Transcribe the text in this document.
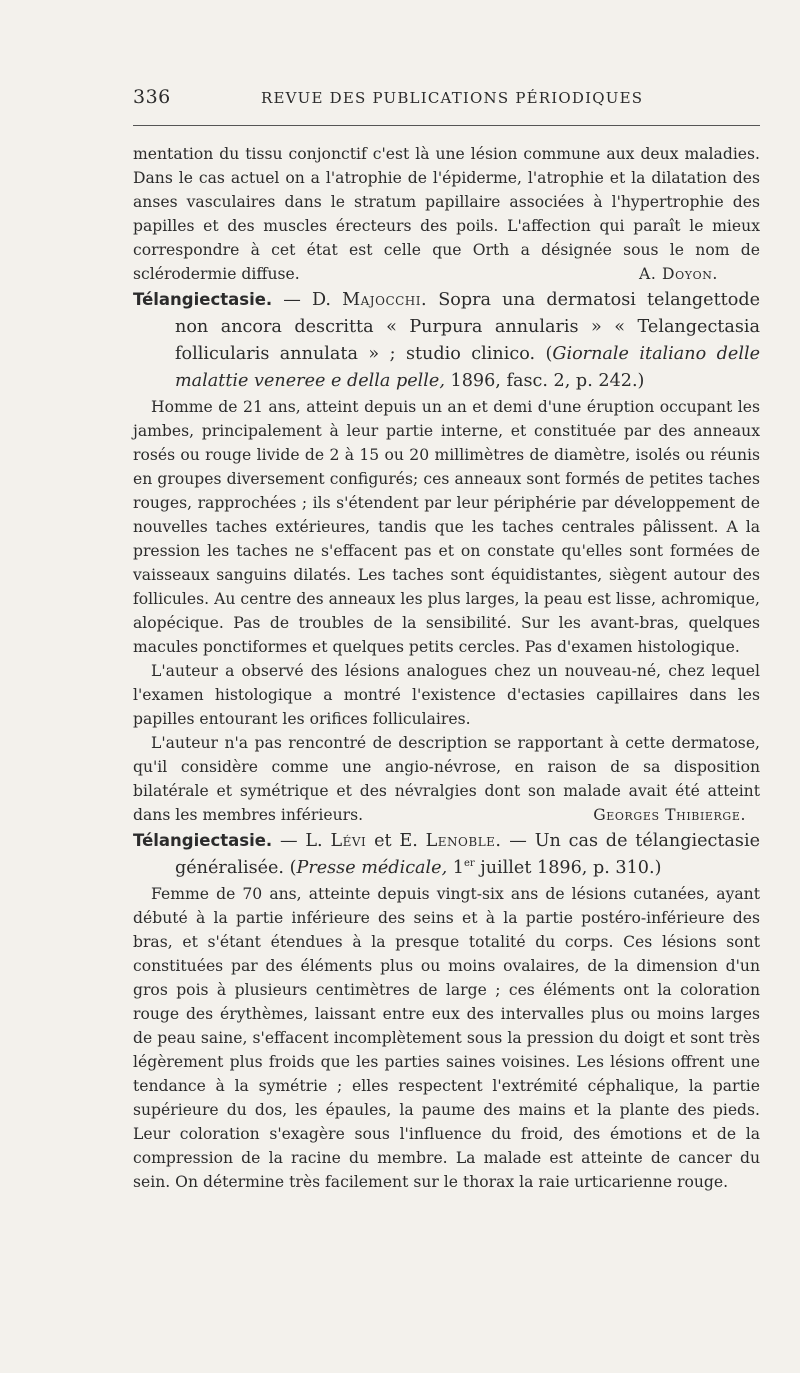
336	REVUE DES PUBLICATIONS PÉRIODIQUES

mentation du tissu conjonctif c'est là une lésion commune aux deux maladies. Dans le cas actuel on a l'atrophie de l'épiderme, l'atrophie et la dilatation des anses vasculaires dans le stratum papillaire associées à l'hypertrophie des papilles et des muscles érecteurs des poils. L'affection qui paraît le mieux correspondre à cet état est celle que Orth a désignée sous le nom de sclérodermie diffuse.	A. Doyon.

Télangiectasie. — D. Majocchi. Sopra una dermatosi telangettode non ancora descritta « Purpura annularis » « Telangectasia follicularis annulata » ; studio clinico. (Giornale italiano delle malattie veneree e della pelle, 1896, fasc. 2, p. 242.)

Homme de 21 ans, atteint depuis un an et demi d'une éruption occupant les jambes, principalement à leur partie interne, et constituée par des anneaux rosés ou rouge livide de 2 à 15 ou 20 millimètres de diamètre, isolés ou réunis en groupes diversement configurés; ces anneaux sont formés de petites taches rouges, rapprochées ; ils s'étendent par leur périphérie par développement de nouvelles taches extérieures, tandis que les taches centrales pâlissent. A la pression les taches ne s'effacent pas et on constate qu'elles sont formées de vaisseaux sanguins dilatés. Les taches sont équidistantes, siègent autour des follicules. Au centre des anneaux les plus larges, la peau est lisse, achromique, alopécique. Pas de troubles de la sensibilité. Sur les avant-bras, quelques macules ponctiformes et quelques petits cercles. Pas d'examen histologique.

L'auteur a observé des lésions analogues chez un nouveau-né, chez lequel l'examen histologique a montré l'existence d'ectasies capillaires dans les papilles entourant les orifices folliculaires.

L'auteur n'a pas rencontré de description se rapportant à cette dermatose, qu'il considère comme une angio-névrose, en raison de sa disposition bilatérale et symétrique et des névralgies dont son malade avait été atteint dans les membres inférieurs.	Georges Thibierge.

Télangiectasie. — L. Lévi et E. Lenoble. — Un cas de télangiectasie généralisée. (Presse médicale, 1er juillet 1896, p. 310.)

Femme de 70 ans, atteinte depuis vingt-six ans de lésions cutanées, ayant débuté à la partie inférieure des seins et à la partie postéro-inférieure des bras, et s'étant étendues à la presque totalité du corps. Ces lésions sont constituées par des éléments plus ou moins ovalaires, de la dimension d'un gros pois à plusieurs centimètres de large ; ces éléments ont la coloration rouge des érythèmes, laissant entre eux des intervalles plus ou moins larges de peau saine, s'effacent incomplètement sous la pression du doigt et sont très légèrement plus froids que les parties saines voisines. Les lésions offrent une tendance à la symétrie ; elles respectent l'extrémité céphalique, la partie supérieure du dos, les épaules, la paume des mains et la plante des pieds. Leur coloration s'exagère sous l'influence du froid, des émotions et de la compression de la racine du membre. La malade est atteinte de cancer du sein. On détermine très facilement sur le thorax la raie urticarienne rouge.
